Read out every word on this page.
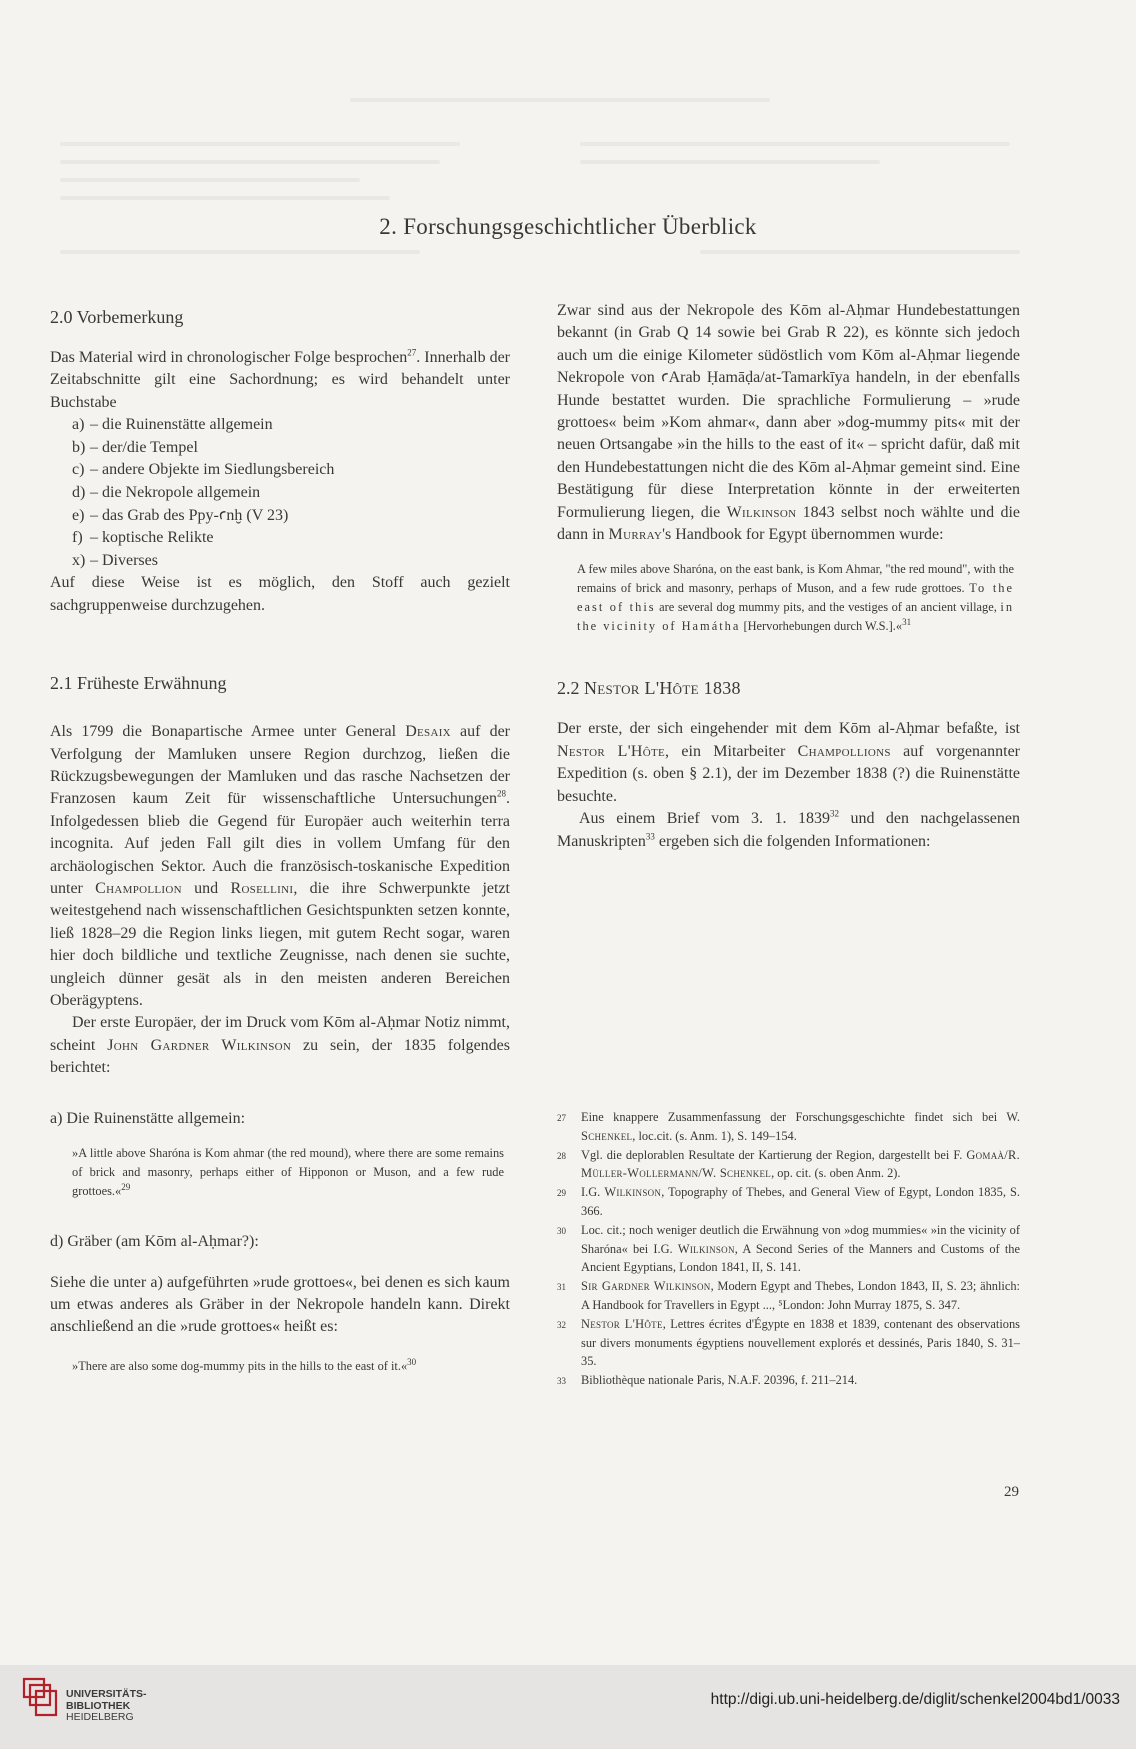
2. Forschungsgeschichtlicher Überblick
2.0 Vorbemerkung

Das Material wird in chronologischer Folge besprochen$^{27}$. Innerhalb der Zeitabschnitte gilt eine Sachordnung; es wird behandelt unter Buchstabe

a) – die Ruinenstätte allgemein
b) – der/die Tempel
c) – andere Objekte im Siedlungsbereich
d) – die Nekropole allgemein
e) – das Grab des Ppy-ꜥnḫ (V 23)
f) – koptische Relikte
x) – Diverses

Auf diese Weise ist es möglich, den Stoff auch gezielt sachgruppenweise durchzugehen.

2.1 Früheste Erwähnung

Als 1799 die Bonapartische Armee unter General Desaix auf der Verfolgung der Mamluken unsere Region durchzog, ließen die Rückzugsbewegungen der Mamluken und das rasche Nachsetzen der Franzosen kaum Zeit für wissenschaftliche Untersuchungen$^{28}$. Infolgedessen blieb die Gegend für Europäer auch weiterhin terra incognita. Auf jeden Fall gilt dies in vollem Umfang für den archäologischen Sektor. Auch die französisch-toskanische Expedition unter Champollion und Rosellini, die ihre Schwerpunkte jetzt weitestgehend nach wissenschaftlichen Gesichtspunkten setzen konnte, ließ 1828–29 die Region links liegen, mit gutem Recht sogar, waren hier doch bildliche und textliche Zeugnisse, nach denen sie suchte, ungleich dünner gesät als in den meisten anderen Bereichen Oberägyptens.

Der erste Europäer, der im Druck vom Kōm al-Aḥmar Notiz nimmt, scheint John Gardner Wilkinson zu sein, der 1835 folgendes berichtet:

a) Die Ruinenstätte allgemein:

»A little above Sharóna is Kom ahmar (the red mound), where there are some remains of brick and masonry, perhaps either of Hipponon or Muson, and a few rude grottoes.«$^{29}$

d) Gräber (am Kōm al-Aḥmar?):

Siehe die unter a) aufgeführten »rude grottoes«, bei denen es sich kaum um etwas anderes als Gräber in der Nekropole handeln kann. Direkt anschließend an die »rude grottoes« heißt es:

»There are also some dog-mummy pits in the hills to the east of it.«$^{30}$

Zwar sind aus der Nekropole des Kōm al-Aḥmar Hundebestattungen bekannt (in Grab Q 14 sowie bei Grab R 22), es könnte sich jedoch auch um die einige Kilometer südöstlich vom Kōm al-Aḥmar liegende Nekropole von ꜥArab Ḥamāḍa/at-Tamarkīya handeln, in der ebenfalls Hunde bestattet wurden. Die sprachliche Formulierung – »rude grottoes« beim »Kom ahmar«, dann aber »dog-mummy pits« mit der neuen Ortsangabe »in the hills to the east of it« – spricht dafür, daß mit den Hundebestattungen nicht die des Kōm al-Aḥmar gemeint sind. Eine Bestätigung für diese Interpretation könnte in der erweiterten Formulierung liegen, die Wilkinson 1843 selbst noch wählte und die dann in Murray's Handbook for Egypt übernommen wurde:

A few miles above Sharóna, on the east bank, is Kom Ahmar, "the red mound", with the remains of brick and masonry, perhaps of Muson, and a few rude grottoes. To the east of this are several dog mummy pits, and the vestiges of an ancient village, in the vicinity of Hamátha [Hervorhebungen durch W.S.].«$^{31}$

2.2 Nestor L'Hôte 1838

Der erste, der sich eingehender mit dem Kōm al-Aḥmar befaßte, ist Nestor L'Hôte, ein Mitarbeiter Champollions auf vorgenannter Expedition (s. oben § 2.1), der im Dezember 1838 (?) die Ruinenstätte besuchte.

Aus einem Brief vom 3. 1. 1839$^{32}$ und den nachgelassenen Manuskripten$^{33}$ ergeben sich die folgenden Informationen:

27	Eine knappere Zusammenfassung der Forschungsgeschichte findet sich bei W. Schenkel, loc.cit. (s. Anm. 1), S. 149–154.
28	Vgl. die deplorablen Resultate der Kartierung der Region, dargestellt bei F. Gomaà/R. Müller-Wollermann/W. Schenkel, op. cit. (s. oben Anm. 2).
29	I.G. Wilkinson, Topography of Thebes, and General View of Egypt, London 1835, S. 366.
30	Loc. cit.; noch weniger deutlich die Erwähnung von »dog mummies« »in the vicinity of Sharóna« bei I.G. Wilkinson, A Second Series of the Manners and Customs of the Ancient Egyptians, London 1841, II, S. 141.
31	Sir Gardner Wilkinson, Modern Egypt and Thebes, London 1843, II, S. 23; ähnlich: A Handbook for Travellers in Egypt ..., ⁵London: John Murray 1875, S. 347.
32	Nestor L'Hôte, Lettres écrites d'Égypte en 1838 et 1839, contenant des observations sur divers monuments égyptiens nouvellement explorés et dessinés, Paris 1840, S. 31–35.
33	Bibliothèque nationale Paris, N.A.F. 20396, f. 211–214.
29
UNIVERSITÄTS-
BIBLIOTHEK
HEIDELBERG
http://digi.ub.uni-heidelberg.de/diglit/schenkel2004bd1/0033
